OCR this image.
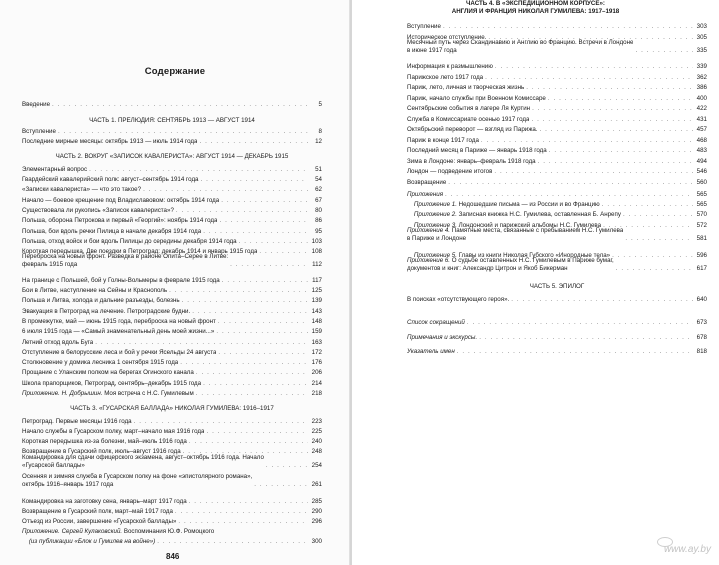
Содержание
Введение . . .	5
ЧАСТЬ 1. ПРЕЛЮДИЯ: СЕНТЯБРЬ 1913 — АВГУСТ 1914
Вступление . . .	8
Последние мирные месяцы: октябрь 1913 — июль 1914 года . . .	12
ЧАСТЬ 2. ВОКРУГ «ЗАПИСОК КАВАЛЕРИСТА»: АВГУСТ 1914 — ДЕКАБРЬ 1915
Элементарный вопрос . . .	51
Гвардейский кавалерийский полк: август–сентябрь 1914 года . . .	54
«Записки кавалериста» — что это такое? . . .	62
Начало — боевое крещение под Владиславовом: октябрь 1914 года . . .	67
Существовала ли рукопись «Записок кавалериста»? . . .	80
Польша, оборона Петрокова и первый «Георгий»: ноябрь 1914 года . . .	86
Польша, бои вдоль речки Пилица в начале декабря 1914 года . . .	95
Польша, отход войск и бои вдоль Пилицы до середины декабря 1914 года . . .	103
Короткая передышка. Две поездки в Петроград: декабрь 1914 и январь 1915 года . . .	108
Переброска на новый фронт. Разведка в районе Опита–Серее в Литве:
февраль 1915 года . . .	112
На границе с Польшей, бой у Голны-Вольмеры в феврале 1915 года . . .	117
Бои в Литве, наступление на Сейны и Краснополь . . .	125
Польша и Литва, холода и дальние разъезды, болезнь . . .	139
Эвакуация в Петроград на лечение. Петроградские будни. . . .	143
В промежутке, май — июнь 1915 года, переброска на новый фронт . . .	148
6 июля 1915 года — «Самый знаменательный день моей жизни...» . . .	159
Летний отход вдоль Буга . . .	163
Отступление в белорусские леса и бой у речки Ясельды 24 августа . . .	172
Столкновение у домика лесника 1 сентября 1915 года . . .	176
Прощание с Уланским полком на берегах Огинского канала . . .	206
Школа прапорщиков, Петроград, сентябрь–декабрь 1915 года . . .	214
Приложение. Н. Добрышин. Моя встреча с Н.С. Гумилевым . . .	218
ЧАСТЬ 3. «ГУСАРСКАЯ БАЛЛАДА» НИКОЛАЯ ГУМИЛЕВА: 1916–1917
Петроград. Первые месяцы 1916 года . . .	223
Начало службы в Гусарском полку, март–начало мая 1916 года . . .	225
Короткая передышка из-за болезни, май–июль 1916 года . . .	240
Возвращение в Гусарский полк, июль–август 1916 года . . .	248
Командировка для сдачи офицерского экзамена, август–октябрь 1916 года. Начало
«Гусарской баллады» . . .	254
Осенняя и зимняя служба в Гусарском полку на фоне «эпистолярного романа»,
октябрь 1916–январь 1917 года . . .	261
Командировка на заготовку сена, январь–март 1917 года . . .	285
Возвращение в Гусарский полк, март–май 1917 года . . .	290
Отъезд из России, завершение «Гусарской баллады» . . .	296
Приложение. Сергей Кулаковский. Воспоминания Ю.Ф. Ромоцкого
(из публикации «Блок и Гумилев на войне») . . .	300
846
ЧАСТЬ 4. В «ЭКСПЕДИЦИОННОМ КОРПУСЕ»:
АНГЛИЯ И ФРАНЦИЯ НИКОЛАЯ ГУМИЛЕВА: 1917–1918
Вступление . . .	303
Историческое отступление. . . .	305
Месячный путь через Скандинавию и Англию во Францию. Встречи в Лондоне
в июне 1917 года . . .	335
Информация к размышлению . . .	339
Парижское лето 1917 года . . .	362
Париж, лето, личная и творческая жизнь . . .	386
Париж, начало службы при Военном Комиссаре . . .	400
Сентябрьские события в лагере Ля Куртин . . .	422
Служба в Комиссариате осенью 1917 года . . .	431
Октябрьский переворот — взгляд из Парижа. . . .	457
Париж в конце 1917 года . . .	468
Последний месяц в Париже — январь 1918 года . . .	483
Зима в Лондоне: январь–февраль 1918 года . . .	494
Лондон — подведение итогов . . .	546
Возвращение . . .	560
Приложения . . .	565
Приложение 1. Недошедшие письма — из России и во Францию . . .	565
Приложение 2. Записная книжка Н.С. Гумилева, оставленная Б. Анрепу . . .	570
Приложение 3. Лондонский и парижский альбомы Н.С. Гумилева . . .	572
Приложение 4. Памятные места, связанные с пребыванием Н.С. Гумилева
в Париже и Лондоне . . .	581
Приложение 5. Главы из книги Николая Губского «Инородные тела» . . .	596
Приложение 6. О судьбе оставленных Н.С. Гумилевым в Париже бумаг,
документов и книг: Александр Цитрон и Якоб Бикерман . . .	617
ЧАСТЬ 5. ЭПИЛОГ
В поисках «отсутствующего героя». . . .	640
Список сокращений . . .	673
Примечания и экскурсы. . . .	678
Указатель имен . . .	818
www.ay.by
